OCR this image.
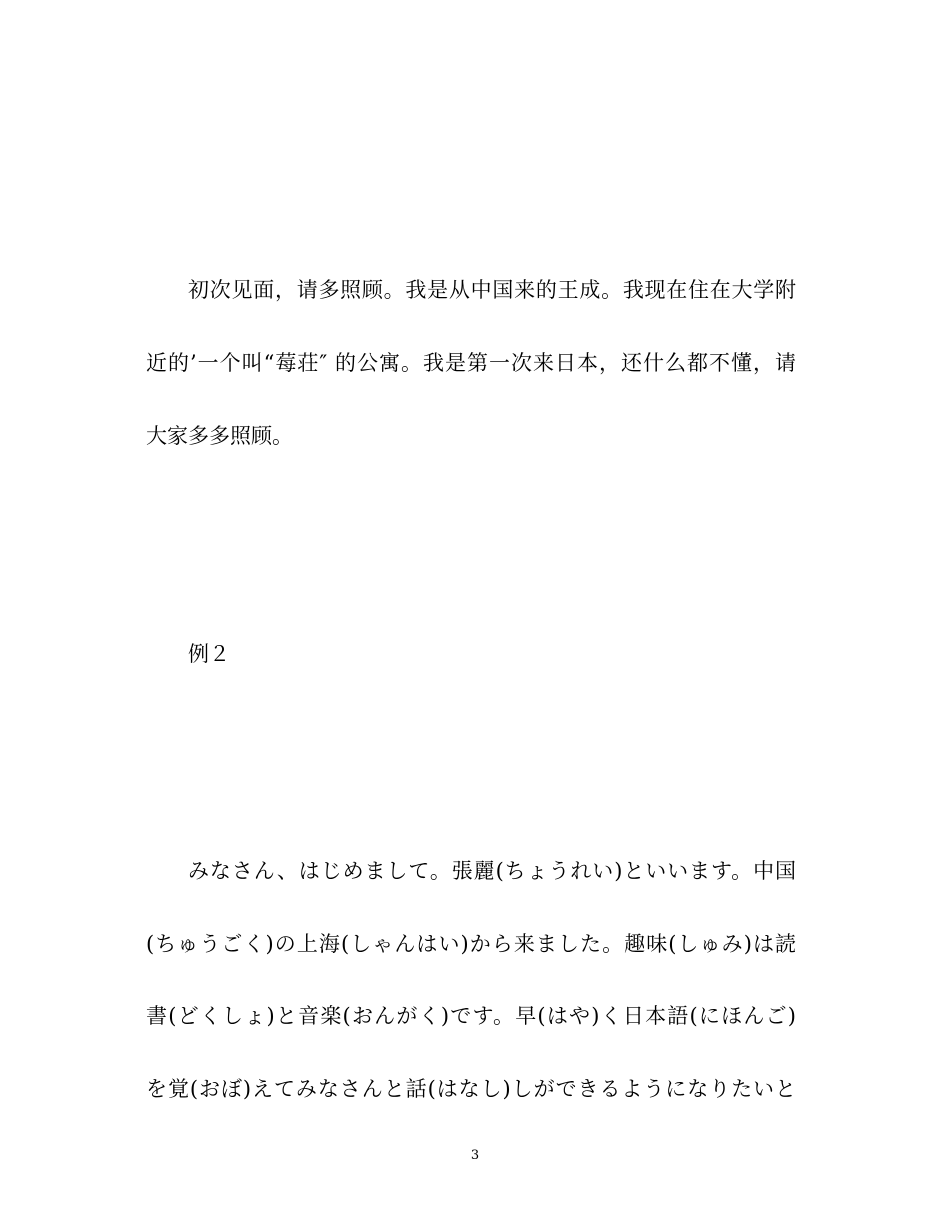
初次见面，请多照顾。我是从中国来的王成。我现在住在大学附
近的’一个叫“莓荘″ 的公寓。我是第一次来日本，还什么都不懂，请
大家多多照顾。
例２
みなさん、はじめまして。張麗(ちょうれい)といいます。中国
(ちゅうごく)の上海(しゃんはい)から来ました。趣味(しゅみ)は読
書(どくしょ)と音楽(おんがく)です。早(はや)く日本語(にほんご)
を覚(おぼ)えてみなさんと話(はなし)しができるようになりたいと
3
